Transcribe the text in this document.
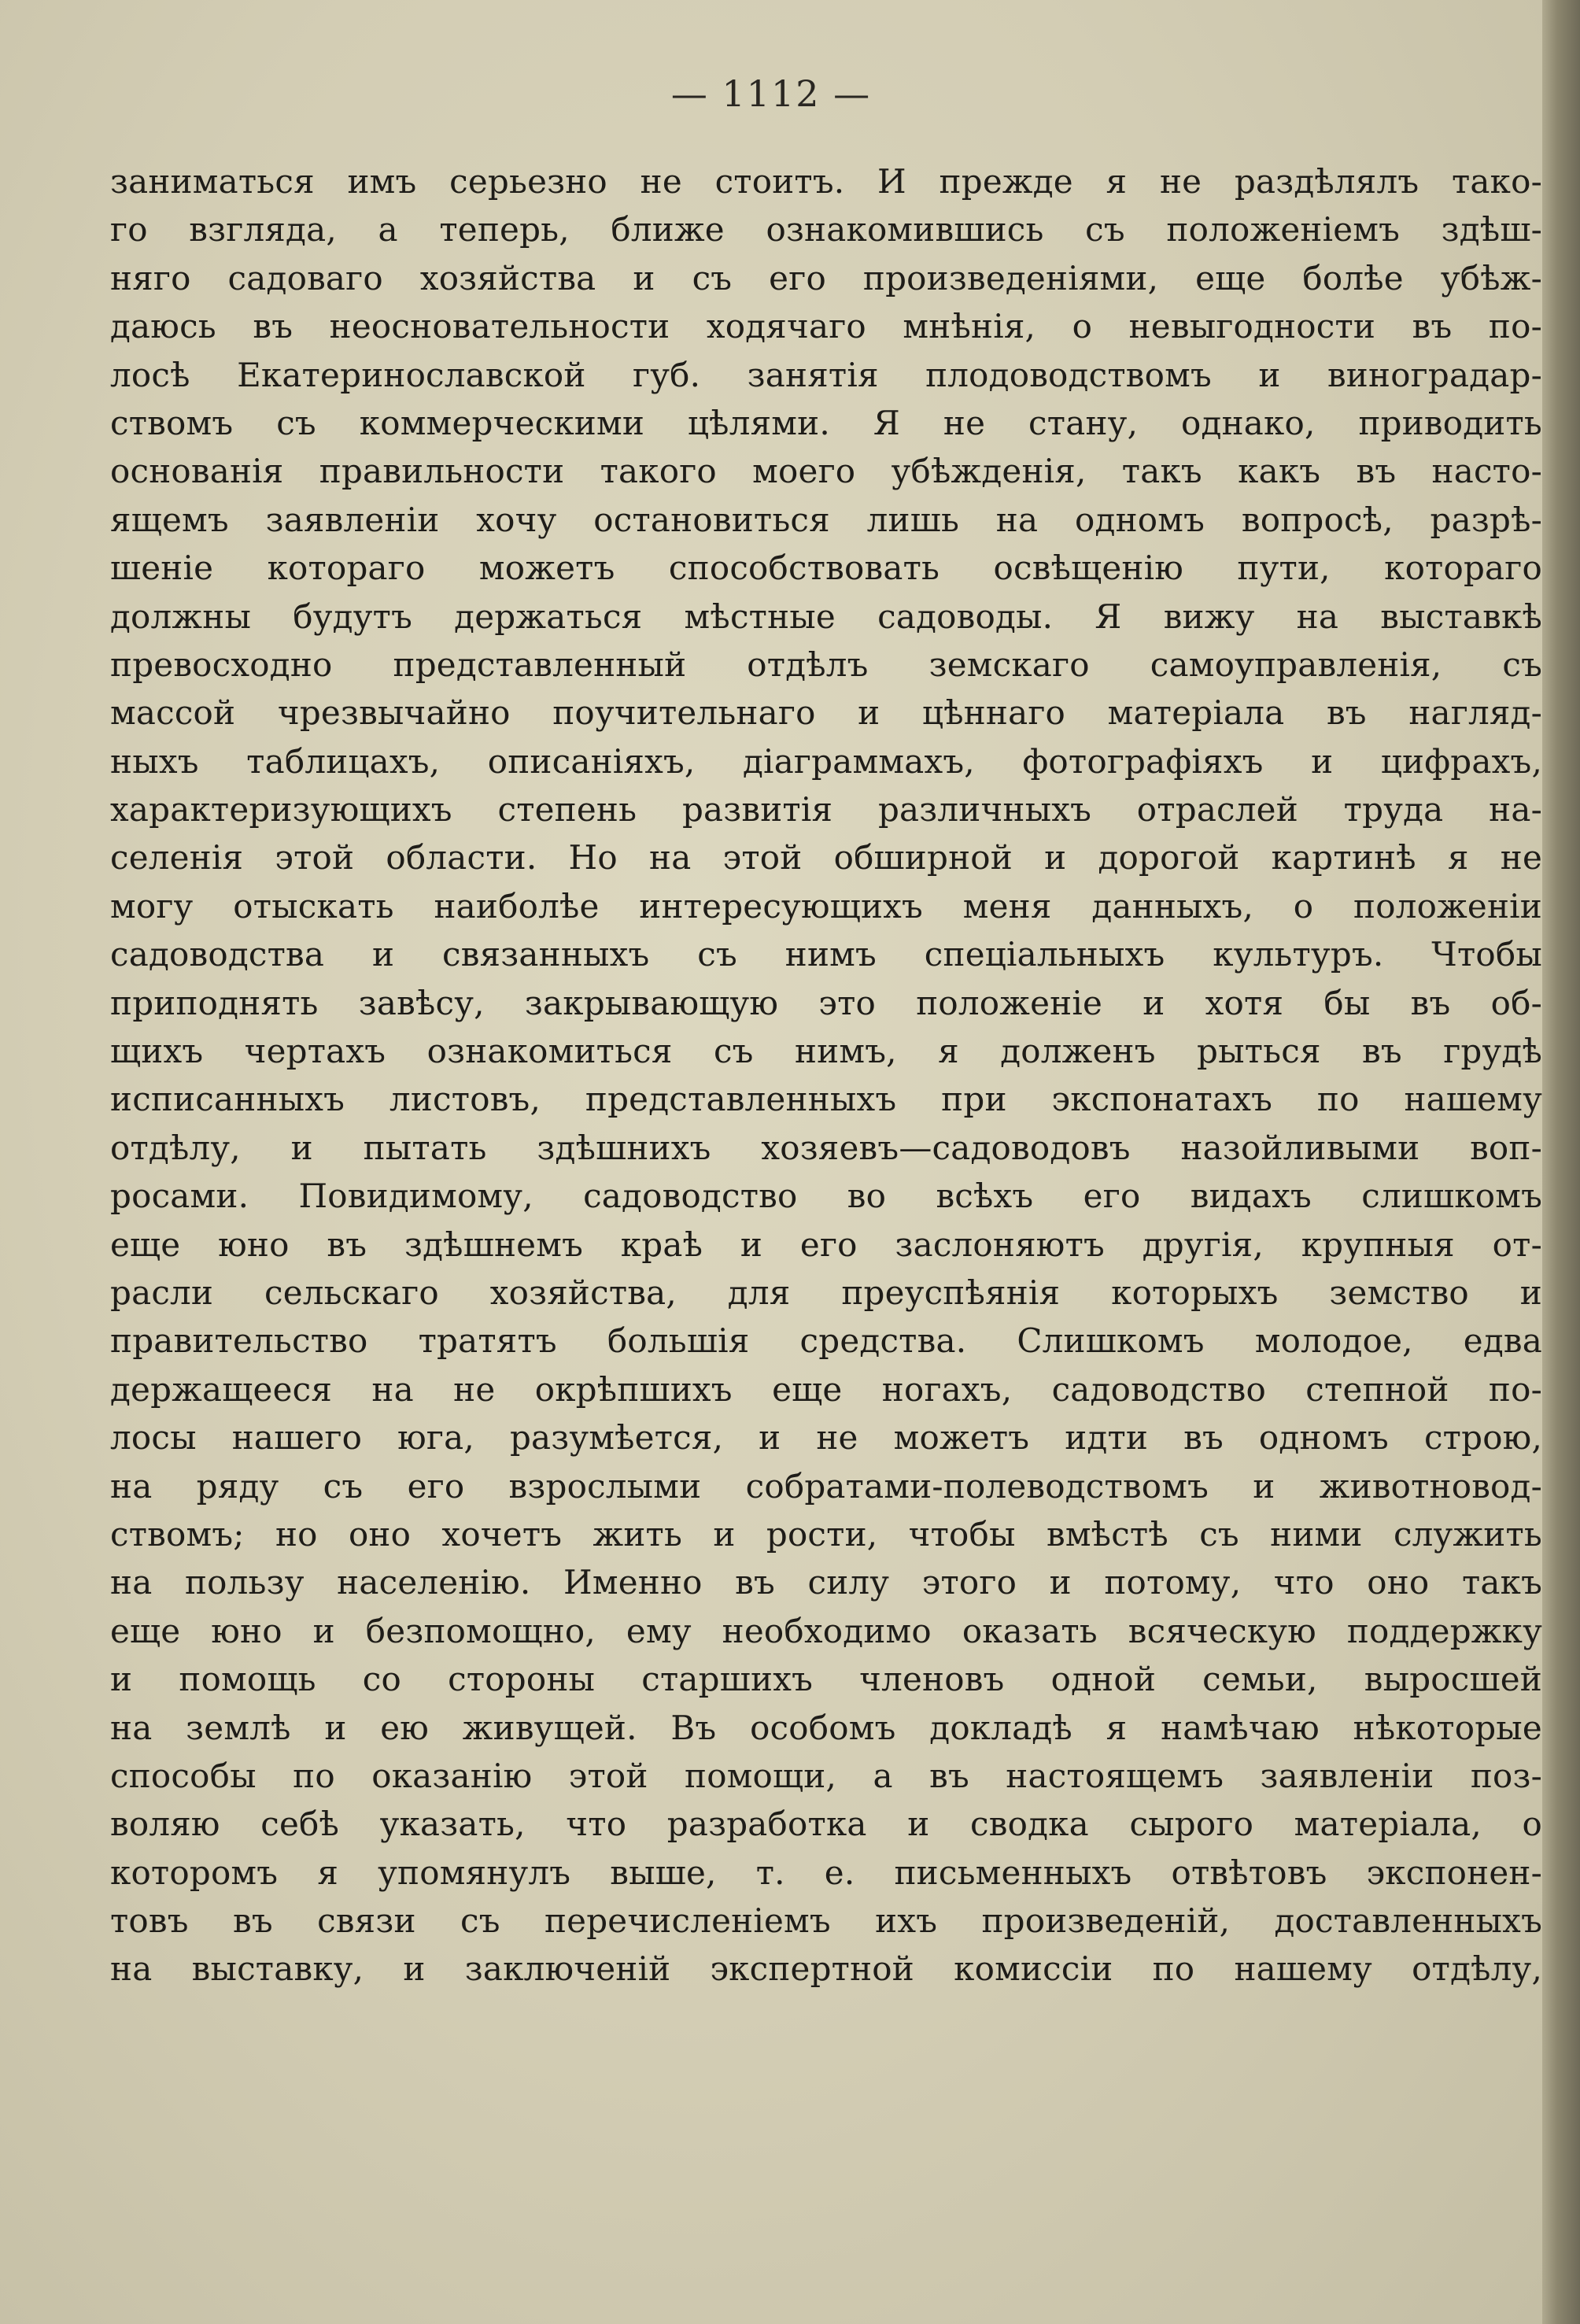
— 1112 —
заниматься имъ серьезно не стоитъ. И прежде я не раздѣлялъ тако-
го взгляда, а теперь, ближе ознакомившись съ положеніемъ здѣш-
няго садоваго хозяйства и съ его произведеніями, еще болѣе убѣж-
даюсь въ неосновательности ходячаго мнѣнія, о невыгодности въ по-
лосѣ Екатеринославской губ. занятія плодоводствомъ и виноградар-
ствомъ съ коммерческими цѣлями. Я не стану, однако, приводить
основанія правильности такого моего убѣжденія, такъ какъ въ насто-
ящемъ заявленіи хочу остановиться лишь на одномъ вопросѣ, разрѣ-
шеніе котораго можетъ способствовать освѣщенію пути, котораго
должны будутъ держаться мѣстные садоводы. Я вижу на выставкѣ
превосходно представленный отдѣлъ земскаго самоуправленія, съ
массой чрезвычайно поучительнаго и цѣннаго матеріала въ нагляд-
ныхъ таблицахъ, описаніяхъ, діаграммахъ, фотографіяхъ и цифрахъ,
характеризующихъ степень развитія различныхъ отраслей труда на-
селенія этой области. Но на этой обширной и дорогой картинѣ я не
могу отыскать наиболѣе интересующихъ меня данныхъ, о положеніи
садоводства и связанныхъ съ нимъ спеціальныхъ культуръ. Чтобы
приподнять завѣсу, закрывающую это положеніе и хотя бы въ об-
щихъ чертахъ ознакомиться съ нимъ, я долженъ рыться въ грудѣ
исписанныхъ листовъ, представленныхъ при экспонатахъ по нашему
отдѣлу, и пытать здѣшнихъ хозяевъ—садоводовъ назойливыми воп-
росами. Повидимому, садоводство во всѣхъ его видахъ слишкомъ
еще юно въ здѣшнемъ краѣ и его заслоняютъ другія, крупныя от-
расли сельскаго хозяйства, для преуспѣянія которыхъ земство и
правительство тратятъ большія средства. Слишкомъ молодое, едва
держащееся на не окрѣпшихъ еще ногахъ, садоводство степной по-
лосы нашего юга, разумѣется, и не можетъ идти въ одномъ строю,
на ряду съ его взрослыми собратами-полеводствомъ и животновод-
ствомъ; но оно хочетъ жить и рости, чтобы вмѣстѣ съ ними служить
на пользу населенію. Именно въ силу этого и потому, что оно такъ
еще юно и безпомощно, ему необходимо оказать всяческую поддержку
и помощь со стороны старшихъ членовъ одной семьи, выросшей
на землѣ и ею живущей. Въ особомъ докладѣ я намѣчаю нѣкоторые
способы по оказанію этой помощи, а въ настоящемъ заявленіи поз-
воляю себѣ указать, что разработка и сводка сырого матеріала, о
которомъ я упомянулъ выше, т. е. письменныхъ отвѣтовъ экспонен-
товъ въ связи съ перечисленіемъ ихъ произведеній, доставленныхъ
на выставку, и заключеній экспертной комиссіи по нашему отдѣлу,
